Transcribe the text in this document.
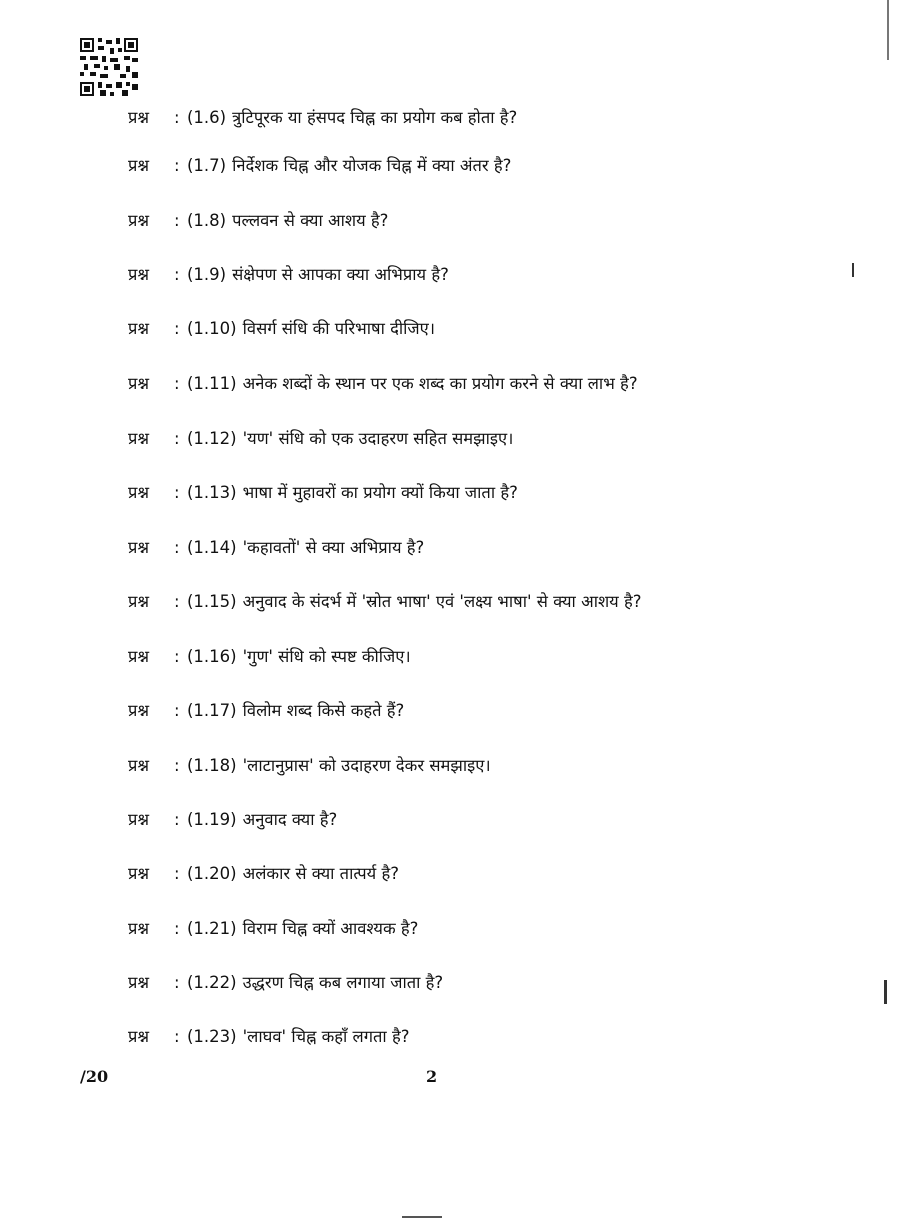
प्रश्न : (1.6) त्रुटिपूरक या हंसपद चिह्न का प्रयोग कब होता है?

प्रश्न : (1.7) निर्देशक चिह्न और योजक चिह्न में क्या अंतर है?

प्रश्न : (1.8) पल्लवन से क्या आशय है?

प्रश्न : (1.9) संक्षेपण से आपका क्या अभिप्राय है?

प्रश्न : (1.10) विसर्ग संधि की परिभाषा दीजिए।

प्रश्न : (1.11) अनेक शब्दों के स्थान पर एक शब्द का प्रयोग करने से क्या लाभ है?

प्रश्न : (1.12) 'यण' संधि को एक उदाहरण सहित समझाइए।

प्रश्न : (1.13) भाषा में मुहावरों का प्रयोग क्यों किया जाता है?

प्रश्न : (1.14) 'कहावतों' से क्या अभिप्राय है?

प्रश्न : (1.15) अनुवाद के संदर्भ में 'स्रोत भाषा' एवं 'लक्ष्य भाषा' से क्या आशय है?

प्रश्न : (1.16) 'गुण' संधि को स्पष्ट कीजिए।

प्रश्न : (1.17) विलोम शब्द किसे कहते हैं?

प्रश्न : (1.18) 'लाटानुप्रास' को उदाहरण देकर समझाइए।

प्रश्न : (1.19) अनुवाद क्या है?

प्रश्न : (1.20) अलंकार से क्या तात्पर्य है?

प्रश्न : (1.21) विराम चिह्न क्यों आवश्यक है?

प्रश्न : (1.22) उद्धरण चिह्न कब लगाया जाता है?

प्रश्न : (1.23) 'लाघव' चिह्न कहाँ लगता है?

/20	2
